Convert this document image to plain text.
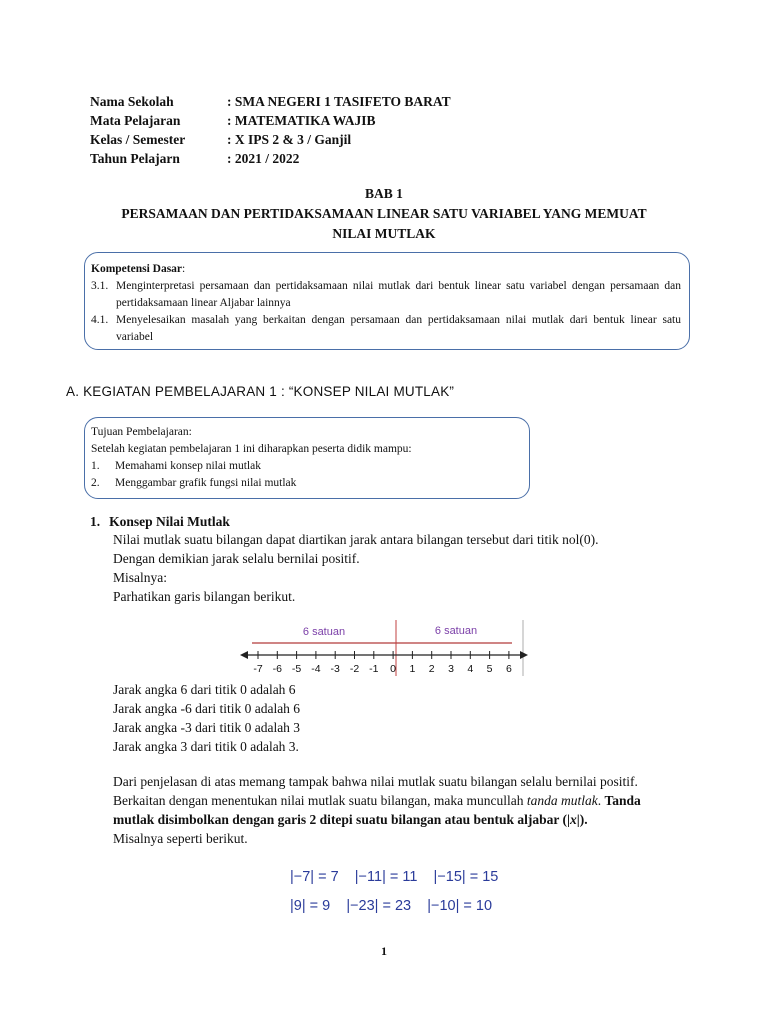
Nama Sekolah	: SMA NEGERI 1 TASIFETO BARAT
Mata Pelajaran	: MATEMATIKA WAJIB
Kelas / Semester	: X IPS 2 & 3 / Ganjil
Tahun Pelajarn	: 2021 / 2022
BAB 1
PERSAMAAN DAN PERTIDAKSAMAAN LINEAR SATU VARIABEL YANG MEMUAT
NILAI MUTLAK
Kompetensi Dasar:
3.1. Menginterpretasi persamaan dan pertidaksamaan nilai mutlak dari bentuk linear satu variabel dengan persamaan dan pertidaksamaan linear Aljabar lainnya
4.1. Menyelesaikan masalah yang berkaitan dengan persamaan dan pertidaksamaan nilai mutlak dari bentuk linear satu variabel
A. KEGIATAN PEMBELAJARAN 1 : “KONSEP NILAI MUTLAK”
Tujuan Pembelajaran:
Setelah kegiatan pembelajaran 1 ini diharapkan peserta didik mampu:
1.	Memahami konsep nilai mutlak
2.	Menggambar grafik fungsi nilai mutlak
1. Konsep Nilai Mutlak
Nilai mutlak suatu bilangan dapat diartikan jarak antara bilangan tersebut dari titik nol(0).
Dengan demikian jarak selalu bernilai positif.
Misalnya:
Parhatikan garis bilangan berikut.
6 satuan	6 satuan
-7 -6 -5 -4 -3 -2 -1 0 1 2 3 4 5 6
Jarak angka 6 dari titik 0 adalah 6
Jarak angka -6 dari titik 0 adalah 6
Jarak angka -3 dari titik 0 adalah 3
Jarak angka 3 dari titik 0 adalah 3.
Dari penjelasan di atas memang tampak bahwa nilai mutlak suatu bilangan selalu bernilai positif.
Berkaitan dengan menentukan nilai mutlak suatu bilangan, maka muncullah tanda mutlak. Tanda
mutlak disimbolkan dengan garis 2 ditepi suatu bilangan atau bentuk aljabar (|x|).
Misalnya seperti berikut.
|−7| = 7 |−11| = 11 |−15| = 15
|9| = 9 |−23| = 23 |−10| = 10
1
